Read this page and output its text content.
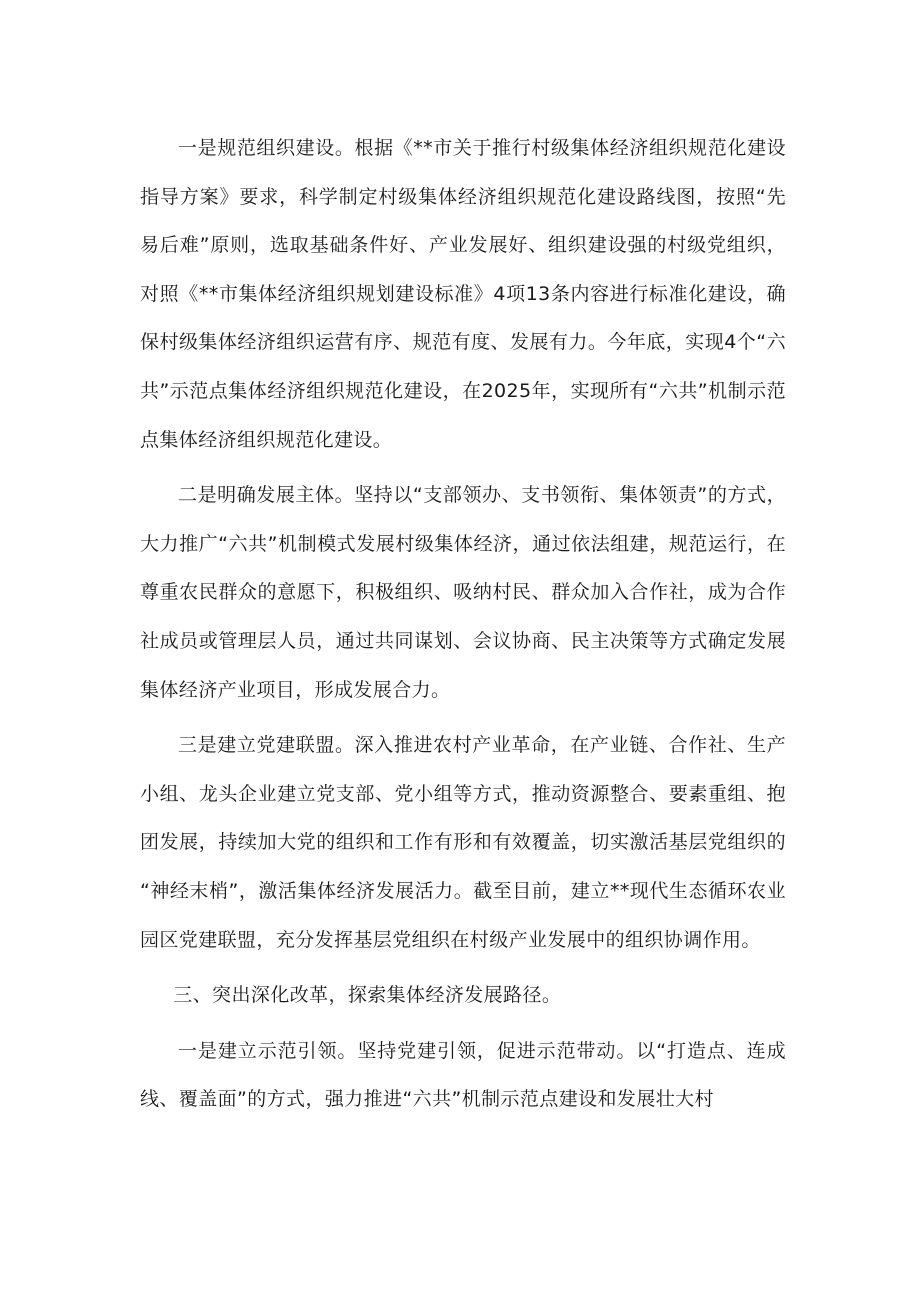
一是规范组织建设。根据《**市关于推行村级集体经济组织规范化建设指导方案》要求，科学制定村级集体经济组织规范化建设路线图，按照“先易后难”原则，选取基础条件好、产业发展好、组织建设强的村级党组织，对照《**市集体经济组织规划建设标准》4项13条内容进行标准化建设，确保村级集体经济组织运营有序、规范有度、发展有力。今年底，实现4个“六共”示范点集体经济组织规范化建设，在2025年，实现所有“六共”机制示范点集体经济组织规范化建设。

二是明确发展主体。坚持以“支部领办、支书领衔、集体领责”的方式，大力推广“六共”机制模式发展村级集体经济，通过依法组建，规范运行，在尊重农民群众的意愿下，积极组织、吸纳村民、群众加入合作社，成为合作社成员或管理层人员，通过共同谋划、会议协商、民主决策等方式确定发展集体经济产业项目，形成发展合力。

三是建立党建联盟。深入推进农村产业革命，在产业链、合作社、生产小组、龙头企业建立党支部、党小组等方式，推动资源整合、要素重组、抱团发展，持续加大党的组织和工作有形和有效覆盖，切实激活基层党组织的“神经末梢”，激活集体经济发展活力。截至目前，建立**现代生态循环农业园区党建联盟，充分发挥基层党组织在村级产业发展中的组织协调作用。

三、突出深化改革，探索集体经济发展路径。

一是建立示范引领。坚持党建引领，促进示范带动。以“打造点、连成线、覆盖面”的方式，强力推进“六共”机制示范点建设和发展壮大村
